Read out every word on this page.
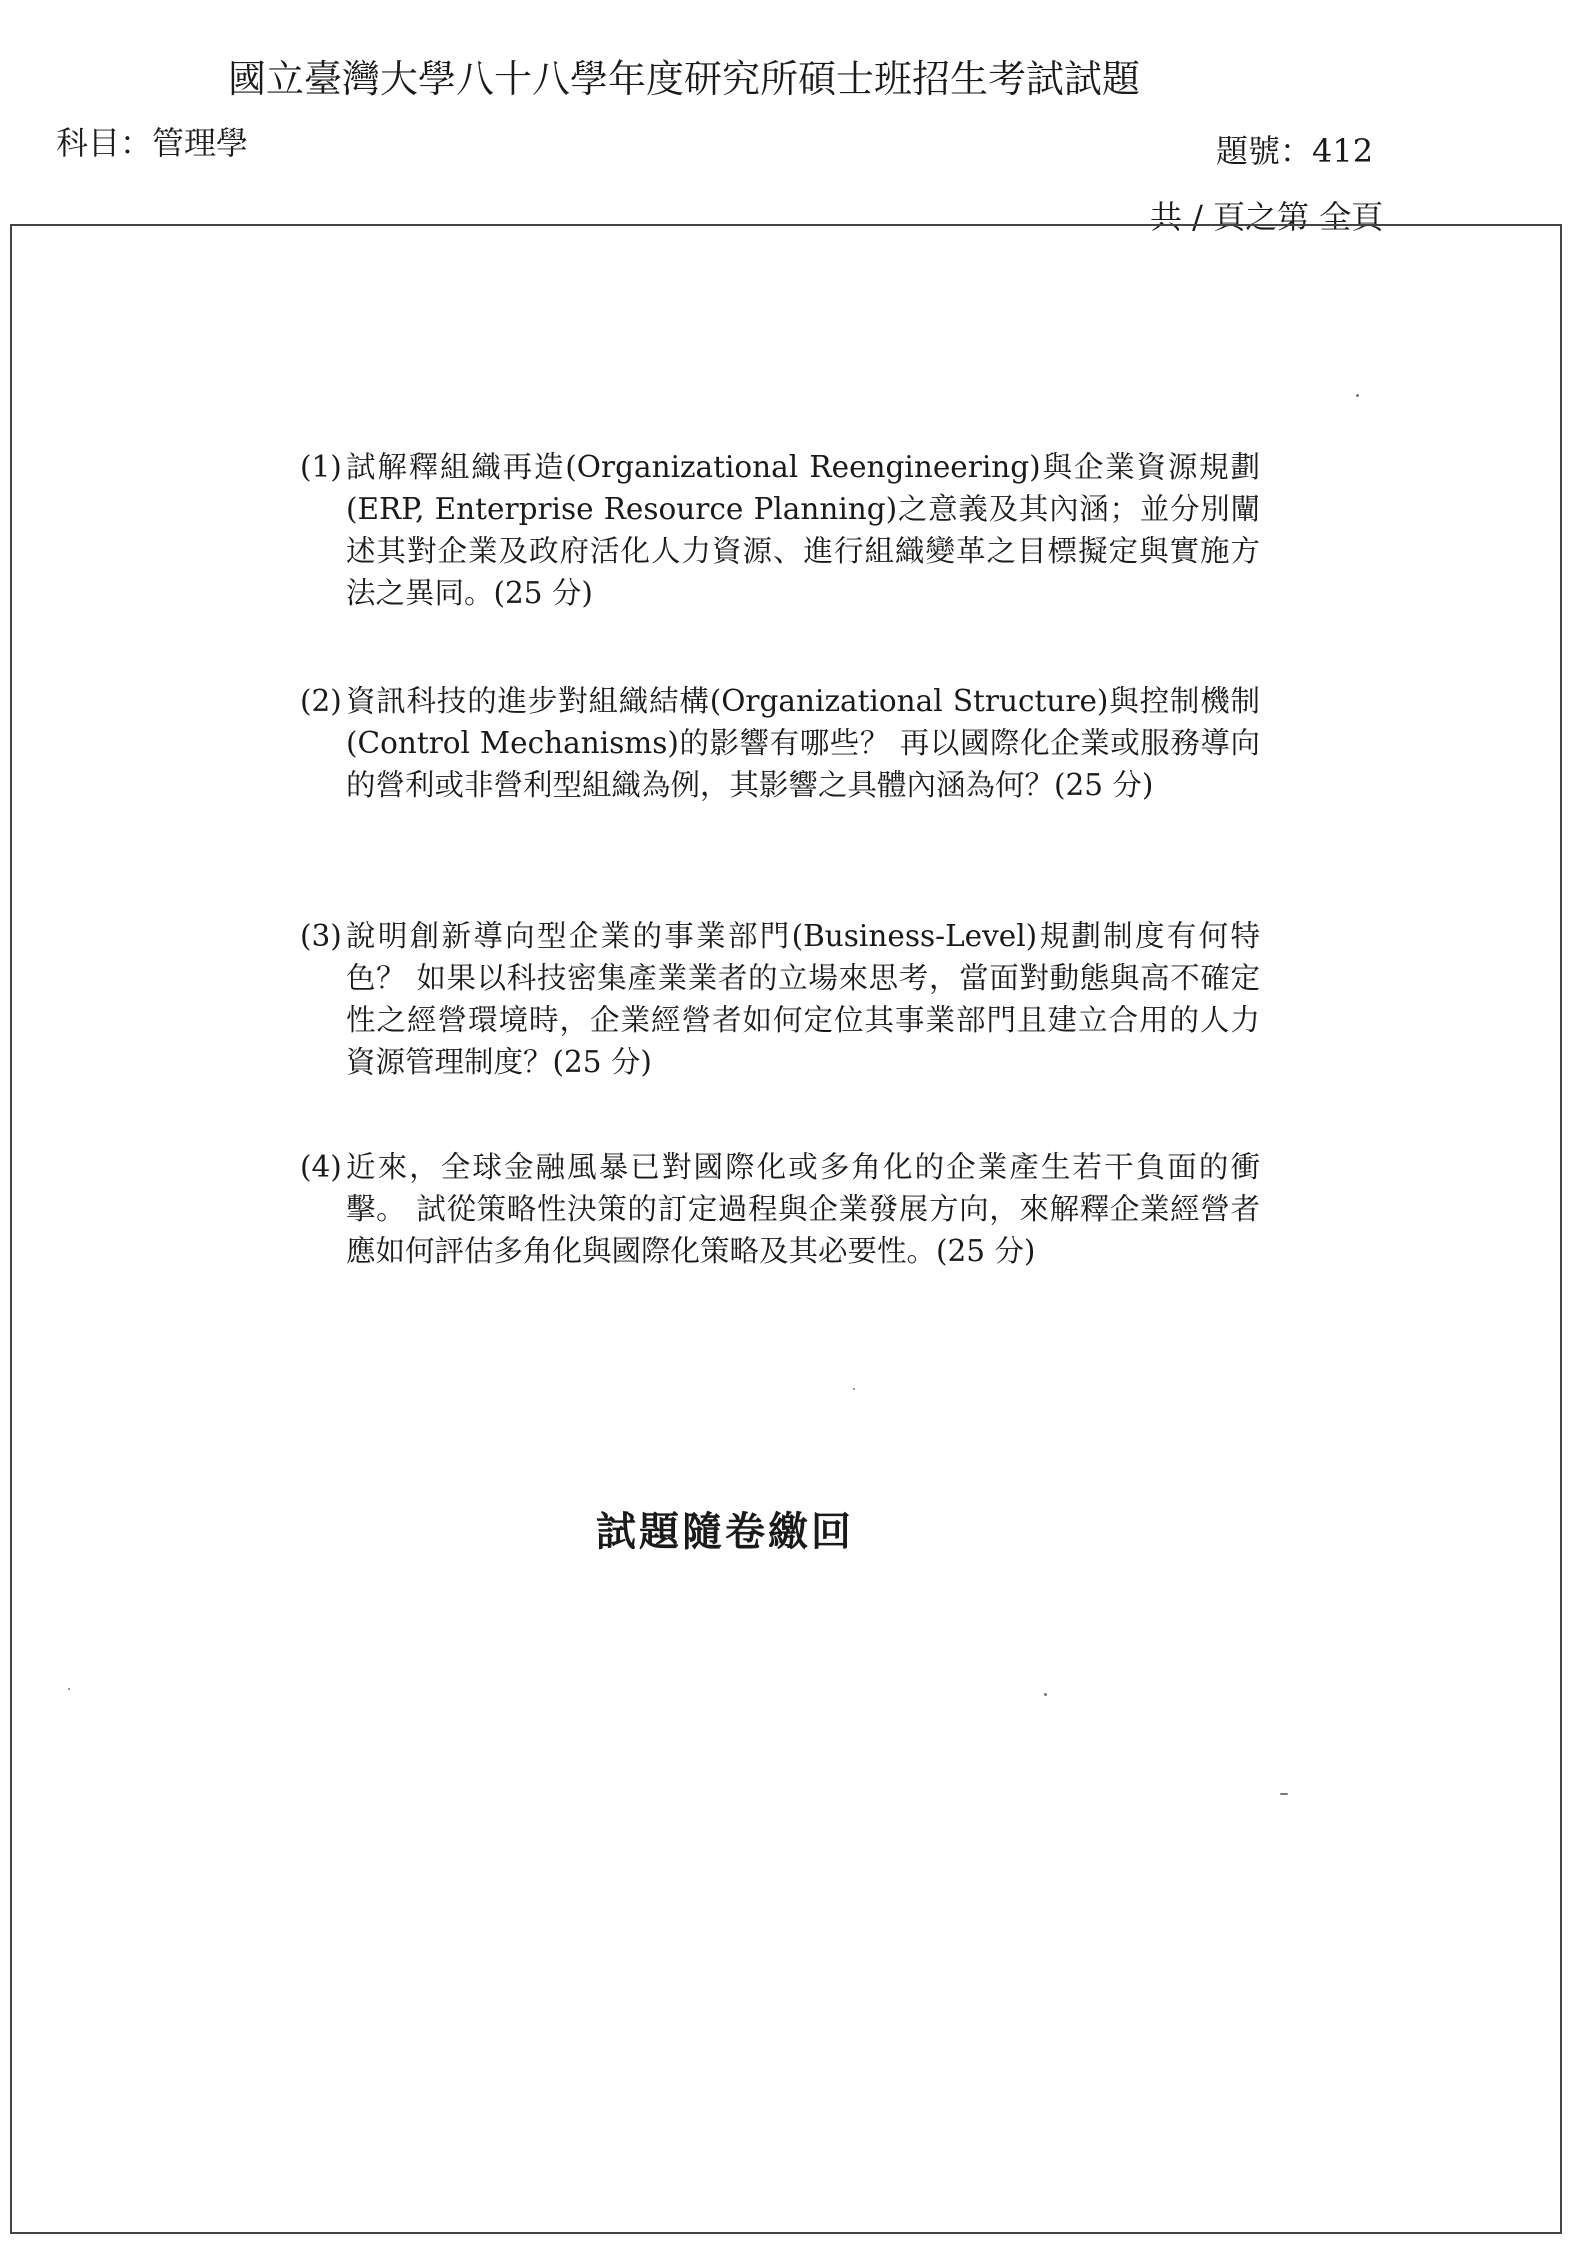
國立臺灣大學八十八學年度研究所碩士班招生考試試題
科目：管理學	題號：412
共 / 頁之第 全頁
(1) 試解釋組織再造(Organizational Reengineering)與企業資源規劃(ERP, Enterprise Resource Planning)之意義及其內涵；並分別闡述其對企業及政府活化人力資源、進行組織變革之目標擬定與實施方法之異同。(25 分)
(2) 資訊科技的進步對組織結構(Organizational Structure)與控制機制(Control Mechanisms)的影響有哪些？ 再以國際化企業或服務導向的營利或非營利型組織為例，其影響之具體內涵為何？(25 分)
(3) 說明創新導向型企業的事業部門(Business-Level)規劃制度有何特色？ 如果以科技密集產業業者的立場來思考，當面對動態與高不確定性之經營環境時，企業經營者如何定位其事業部門且建立合用的人力資源管理制度？(25 分)
(4) 近來，全球金融風暴已對國際化或多角化的企業產生若干負面的衝擊。 試從策略性決策的訂定過程與企業發展方向，來解釋企業經營者應如何評估多角化與國際化策略及其必要性。(25 分)
試題隨卷繳回
